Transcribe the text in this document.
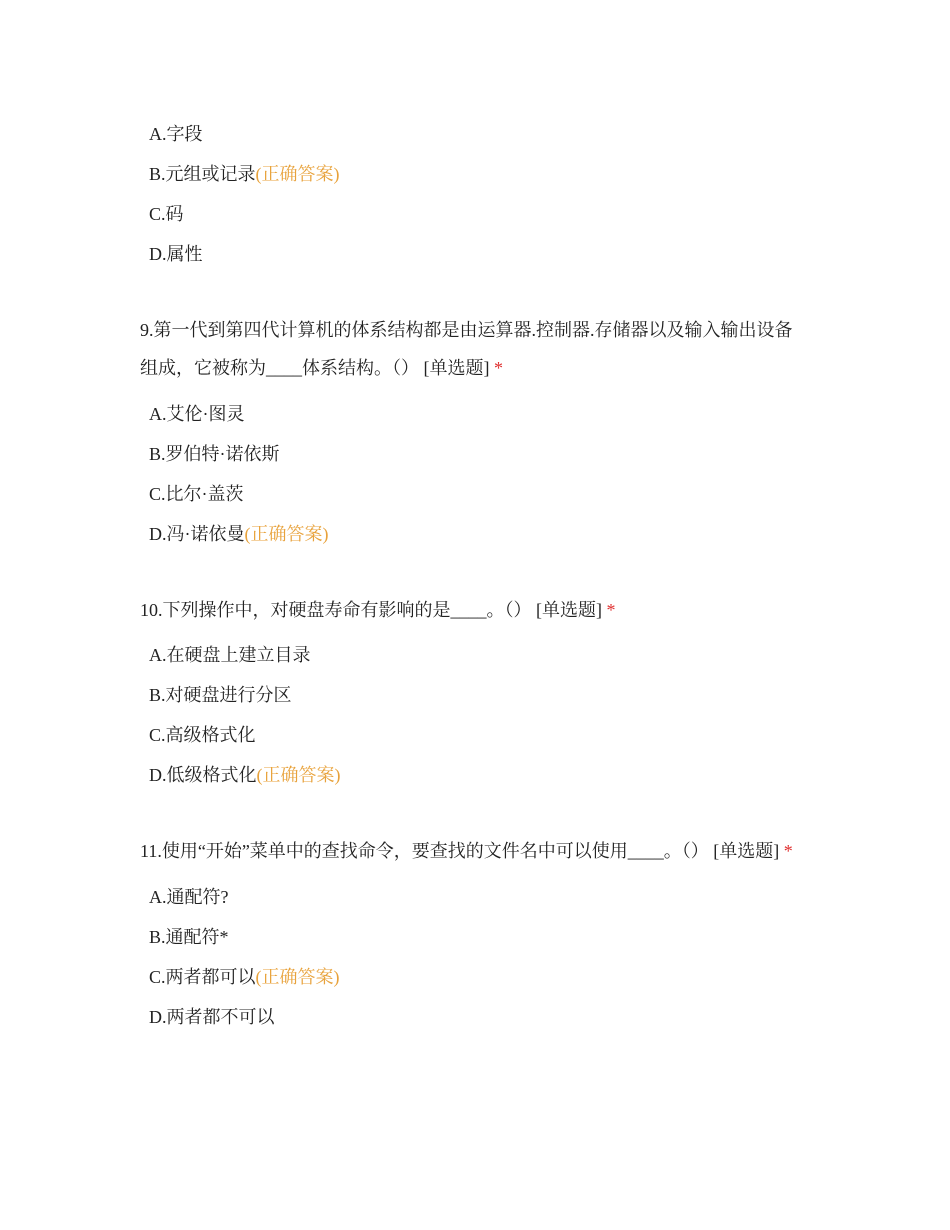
A.字段
B.元组或记录(正确答案)
C.码
D.属性

9.第一代到第四代计算机的体系结构都是由运算器.控制器.存储器以及输入输出设备组成，它被称为____体系结构。（） [单选题] *

A.艾伦·图灵
B.罗伯特·诺依斯
C.比尔·盖茨
D.冯·诺依曼(正确答案)

10.下列操作中，对硬盘寿命有影响的是____。（） [单选题] *

A.在硬盘上建立目录
B.对硬盘进行分区
C.高级格式化
D.低级格式化(正确答案)

11.使用“开始”菜单中的查找命令，要查找的文件名中可以使用____。（） [单选题] *

A.通配符?
B.通配符*
C.两者都可以(正确答案)
D.两者都不可以
